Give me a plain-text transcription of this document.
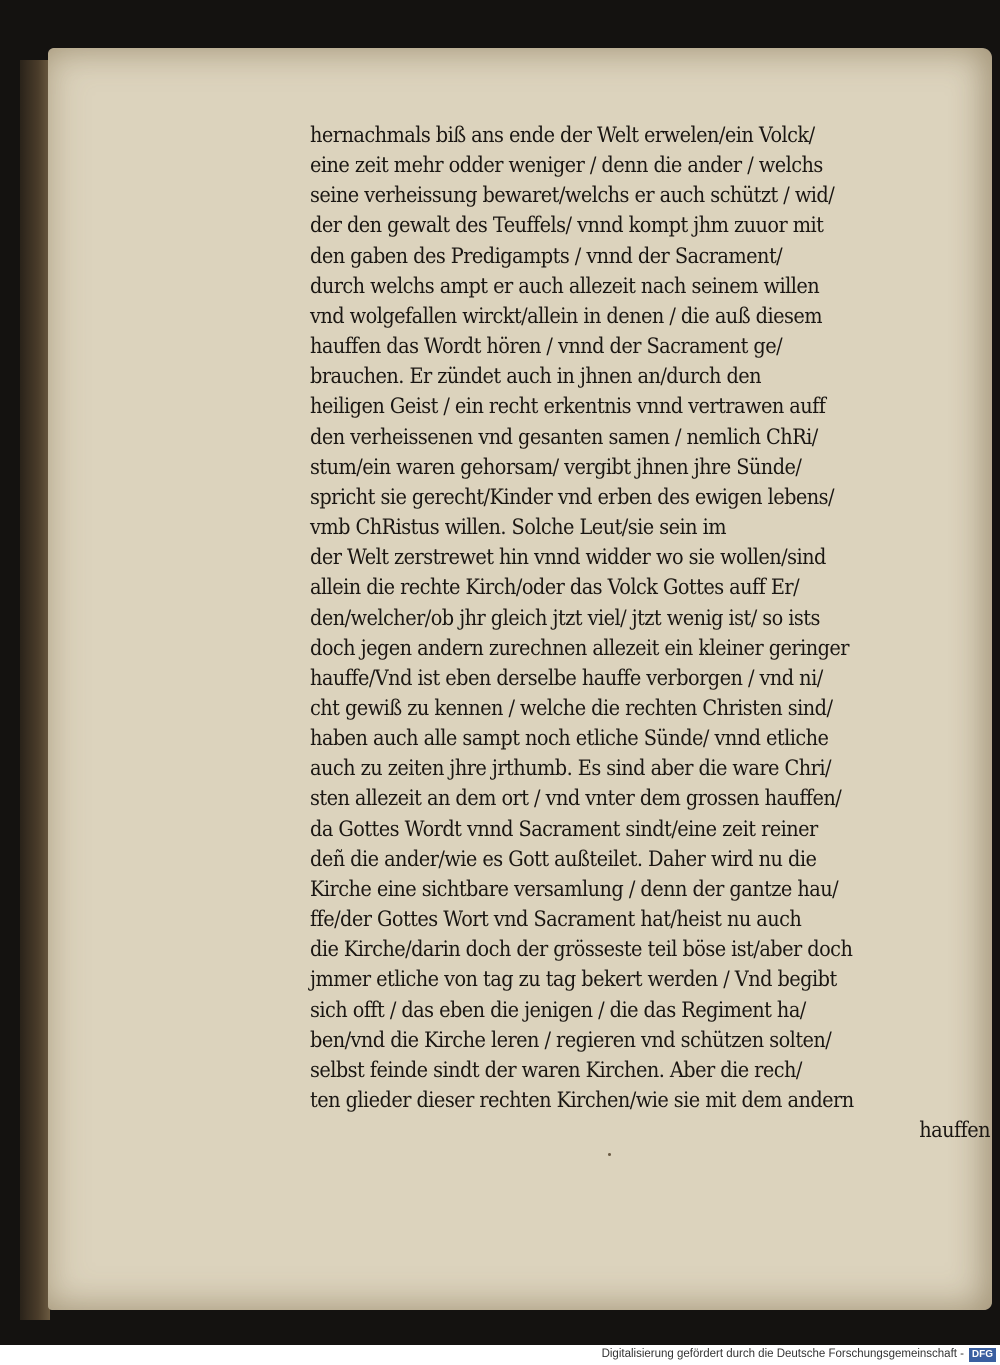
hernachmals biß ans ende der Welt erwelen/ein Volck/
eine zeit mehr odder weniger / denn die ander / welchs
seine verheissung bewaret/welchs er auch schützt / wid/
der den gewalt des Teuffels/ vnnd kompt jhm zuuor mit
den gaben des Predigampts / vnnd der Sacrament/
durch welchs ampt er auch allezeit nach seinem willen
vnd wolgefallen wirckt/allein in denen / die auß diesem
hauffen das Wordt hören / vnnd der Sacrament ge/
brauchen. Er zündet auch in jhnen an/durch den
heiligen Geist / ein recht erkentnis vnnd vertrawen auff
den verheissenen vnd gesanten samen / nemlich ChRi/
stum/ein waren gehorsam/ vergibt jhnen jhre Sünde/
spricht sie gerecht/Kinder vnd erben des ewigen lebens/
vmb ChRistus willen. Solche Leut/sie sein im
der Welt zerstrewet hin vnnd widder wo sie wollen/sind
allein die rechte Kirch/oder das Volck Gottes auff Er/
den/welcher/ob jhr gleich jtzt viel/ jtzt wenig ist/ so ists
doch jegen andern zurechnen allezeit ein kleiner geringer
hauffe/Vnd ist eben derselbe hauffe verborgen / vnd ni/
cht gewiß zu kennen / welche die rechten Christen sind/
haben auch alle sampt noch etliche Sünde/ vnnd etliche
auch zu zeiten jhre jrthumb. Es sind aber die ware Chri/
sten allezeit an dem ort / vnd vnter dem grossen hauffen/
da Gottes Wordt vnnd Sacrament sindt/eine zeit reiner
deñ die ander/wie es Gott außteilet. Daher wird nu die
Kirche eine sichtbare versamlung / denn der gantze hau/
ffe/der Gottes Wort vnd Sacrament hat/heist nu auch
die Kirche/darin doch der grösseste teil böse ist/aber doch
jmmer etliche von tag zu tag bekert werden / Vnd begibt
sich offt / das eben die jenigen / die das Regiment ha/
ben/vnd die Kirche leren / regieren vnd schützen solten/
selbst feinde sindt der waren Kirchen. Aber die rech/
ten glieder dieser rechten Kirchen/wie sie mit dem andern
hauffen
Digitalisierung gefördert durch die Deutsche Forschungsgemeinschaft - DFG
